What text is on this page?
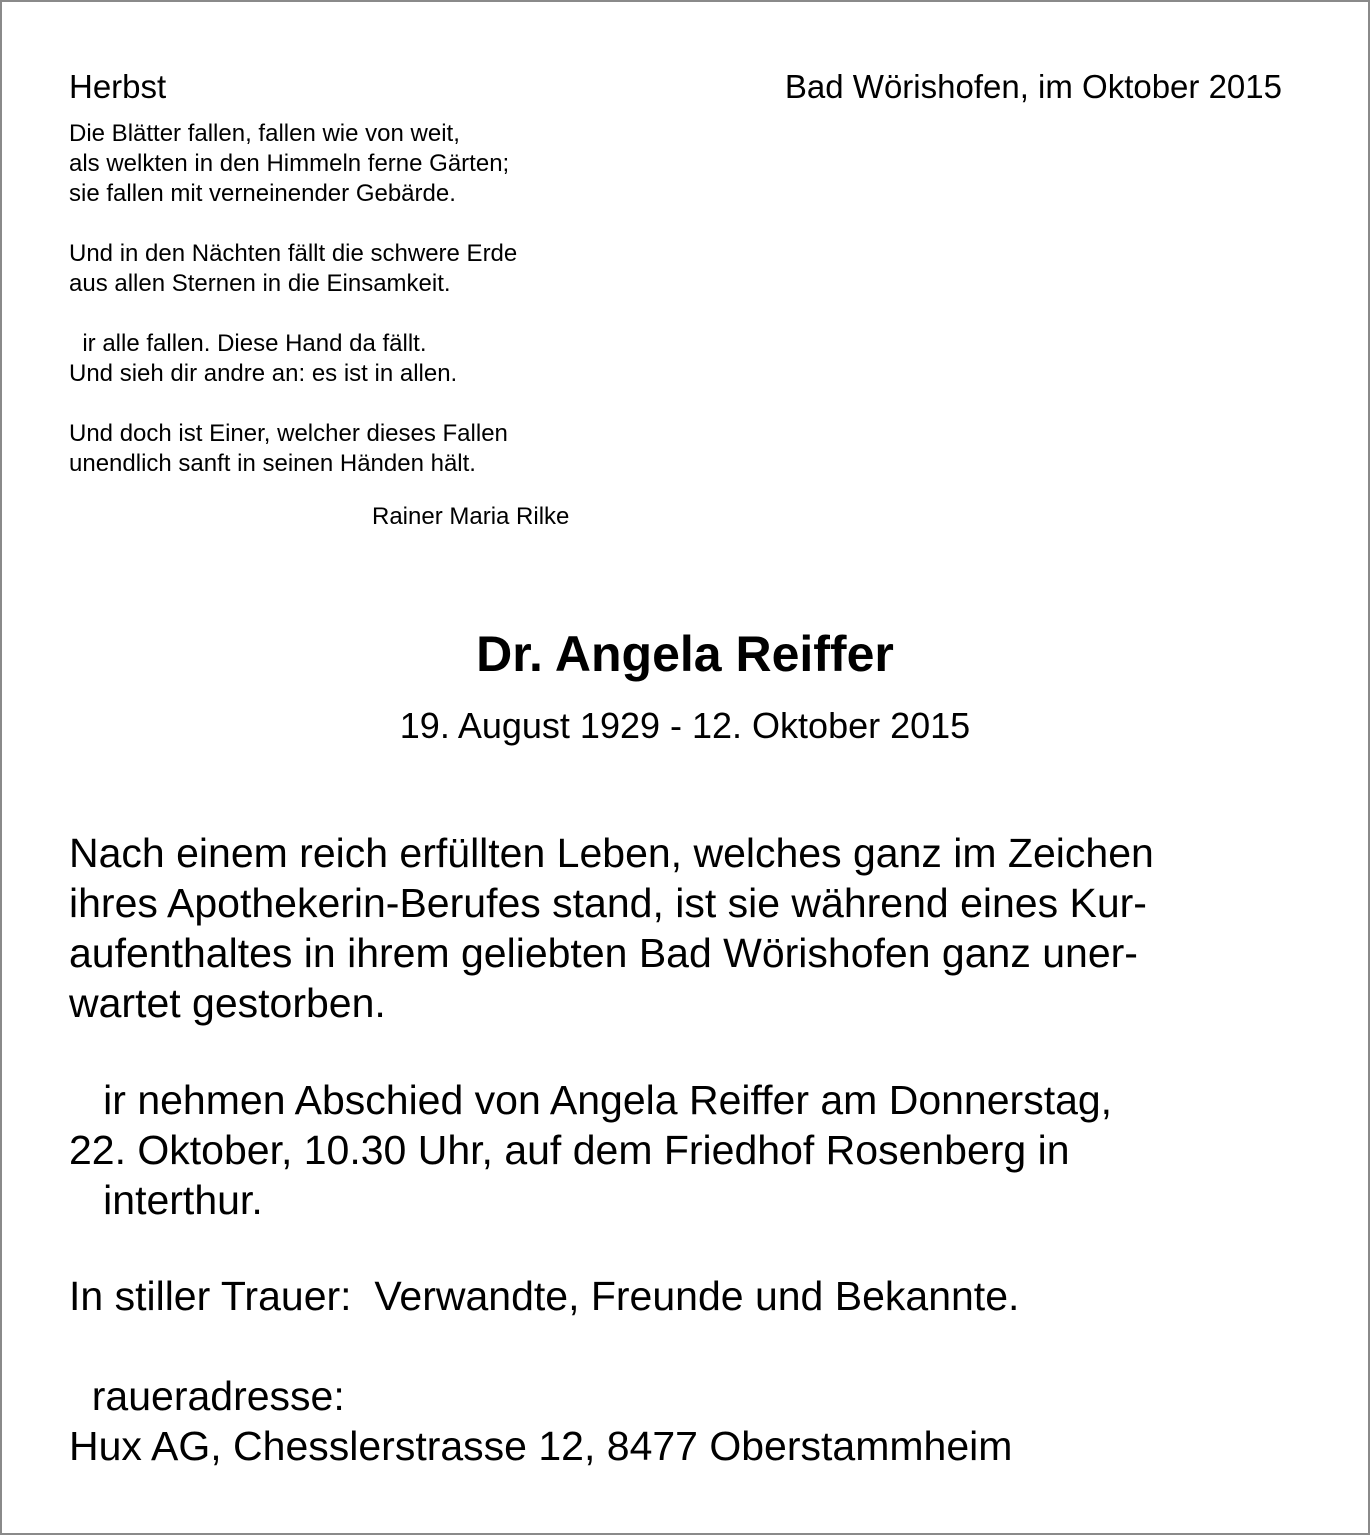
Herbst	Bad Wörishofen, im Oktober 2015

Die Blätter fallen, fallen wie von weit,
als welkten in den Himmeln ferne Gärten;
sie fallen mit verneinender Gebärde.
Und in den Nächten fällt die schwere Erde
aus allen Sternen in die Einsamkeit.
ir alle fallen. Diese Hand da fällt.
Und sieh dir andre an: es ist in allen.
Und doch ist Einer, welcher dieses Fallen
unendlich sanft in seinen Händen hält.

Rainer Maria Rilke

Dr. Angela Reiffer

19. August 1929 - 12. Oktober 2015

Nach einem reich erfüllten Leben, welches ganz im Zeichen
ihres Apothekerin-Berufes stand, ist sie während eines Kur-
aufenthaltes in ihrem geliebten Bad Wörishofen ganz uner-
wartet gestorben.
ir nehmen Abschied von Angela Reiffer am Donnerstag,
22. Oktober, 10.30 Uhr, auf dem Friedhof Rosenberg in
interthur.
In stiller Trauer:  Verwandte, Freunde und Bekannte.
raueradresse:
Hux AG, Chesslerstrasse 12, 8477 Oberstammheim
